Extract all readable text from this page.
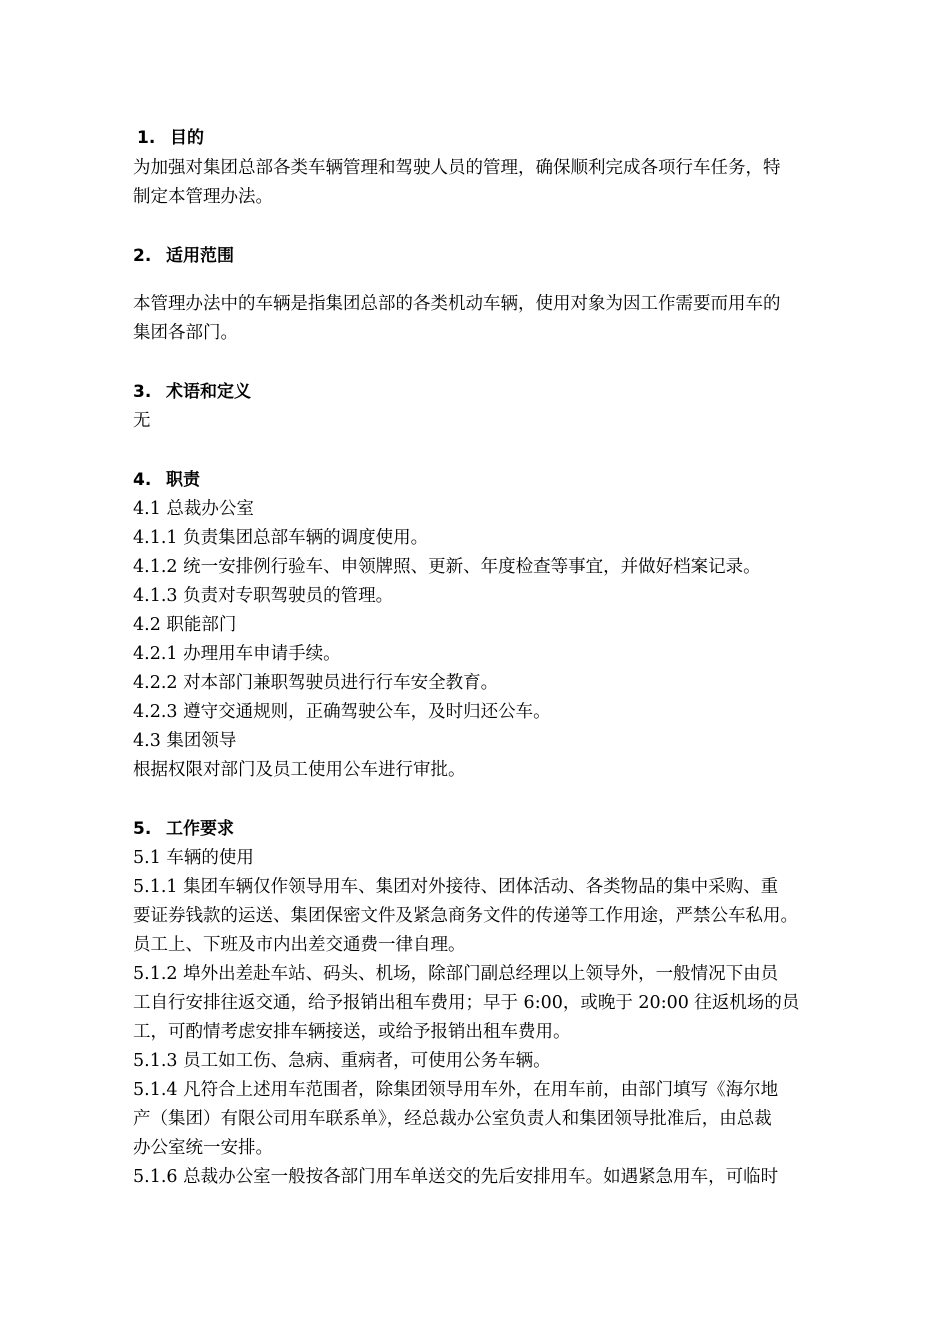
1. 目的
为加强对集团总部各类车辆管理和驾驶人员的管理，确保顺利完成各项行车任务，特
制定本管理办法。
2. 适用范围
本管理办法中的车辆是指集团总部的各类机动车辆，使用对象为因工作需要而用车的
集团各部门。
3. 术语和定义
无
4. 职责
4.1 总裁办公室
4.1.1 负责集团总部车辆的调度使用。
4.1.2 统一安排例行验车、申领牌照、更新、年度检查等事宜，并做好档案记录。
4.1.3 负责对专职驾驶员的管理。
4.2 职能部门
4.2.1 办理用车申请手续。
4.2.2 对本部门兼职驾驶员进行行车安全教育。
4.2.3 遵守交通规则，正确驾驶公车，及时归还公车。
4.3 集团领导
根据权限对部门及员工使用公车进行审批。
5. 工作要求
5.1 车辆的使用
5.1.1 集团车辆仅作领导用车、集团对外接待、团体活动、各类物品的集中采购、重
要证券钱款的运送、集团保密文件及紧急商务文件的传递等工作用途，严禁公车私用。
员工上、下班及市内出差交通费一律自理。
5.1.2 埠外出差赴车站、码头、机场，除部门副总经理以上领导外，一般情况下由员
工自行安排往返交通，给予报销出租车费用；早于 6:00，或晚于 20:00 往返机场的员
工，可酌情考虑安排车辆接送，或给予报销出租车费用。
5.1.3 员工如工伤、急病、重病者，可使用公务车辆。
5.1.4 凡符合上述用车范围者，除集团领导用车外，在用车前，由部门填写《海尔地
产（集团）有限公司用车联系单》，经总裁办公室负责人和集团领导批准后，由总裁
办公室统一安排。
5.1.6 总裁办公室一般按各部门用车单送交的先后安排用车。如遇紧急用车，可临时
